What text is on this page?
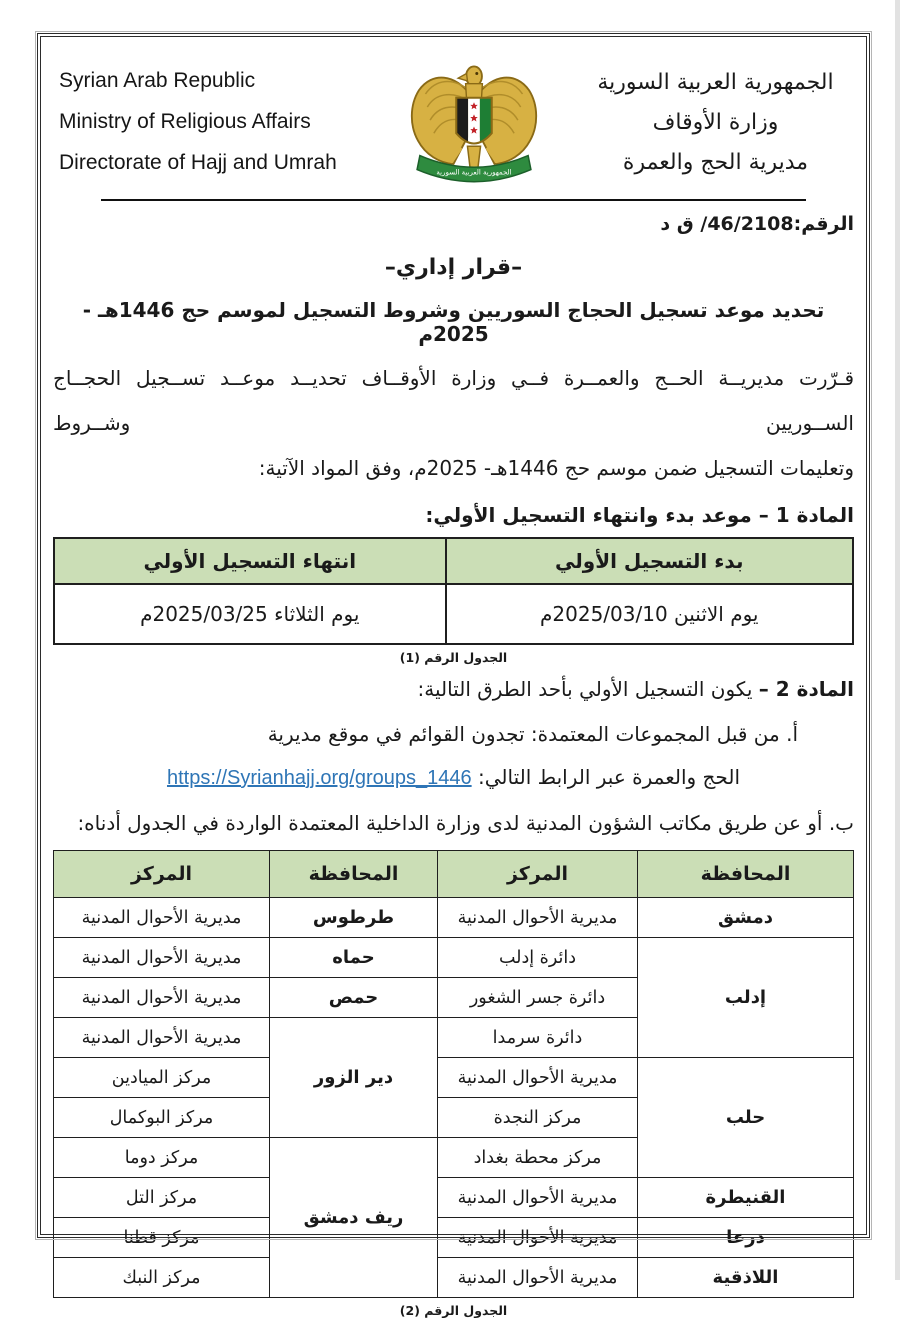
Syrian Arab Republic
Ministry of Religious Affairs
Directorate of Hajj and Umrah	الجمهورية العربية السورية
الجمهورية العربية السورية
وزارة الأوقاف
مديرية الحج والعمرة
الرقم:46/2108/ ق د
–قرار إداري–
تحديد موعد تسجيل الحجاج السوريين وشروط التسجيل لموسم حج 1446هـ - 2025م
قـرّرت مديريــة الحــج والعمــرة فــي وزارة الأوقــاف تحديــد موعــد تســجيل الحجــاج الســوريين وشــروط
وتعليمات التسجيل ضمن موسم حج 1446هـ- 2025م، وفق المواد الآتية:
المادة 1 – موعد بدء وانتهاء التسجيل الأولي:
بدء التسجيل الأولي	انتهاء التسجيل الأولي
يوم الاثنين 2025/03/10م	يوم الثلاثاء 2025/03/25م
الجدول الرقم (1)
المادة 2 – يكون التسجيل الأولي بأحد الطرق التالية:
أ. من قبل المجموعات المعتمدة: تجدون القوائم في موقع مديرية
الحج والعمرة عبر الرابط التالي: https://Syrianhajj.org/groups_1446
ب. أو عن طريق مكاتب الشؤون المدنية لدى وزارة الداخلية المعتمدة الواردة في الجدول أدناه:
المحافظة	المركز	المحافظة	المركز
دمشق	مديرية الأحوال المدنية	طرطوس	مديرية الأحوال المدنية
إدلب	دائرة إدلب	حماه	مديرية الأحوال المدنية
	دائرة جسر الشغور	حمص	مديرية الأحوال المدنية
	دائرة سرمدا	دير الزور	مديرية الأحوال المدنية
حلب	مديرية الأحوال المدنية		مركز الميادين
	مركز النجدة		مركز البوكمال
	مركز محطة بغداد	ريف دمشق	مركز دوما
القنيطرة	مديرية الأحوال المدنية		مركز التل
درعا	مديرية الأحوال المدنية		مركز قطنا
اللاذقية	مديرية الأحوال المدنية		مركز النبك
الجدول الرقم (2)
